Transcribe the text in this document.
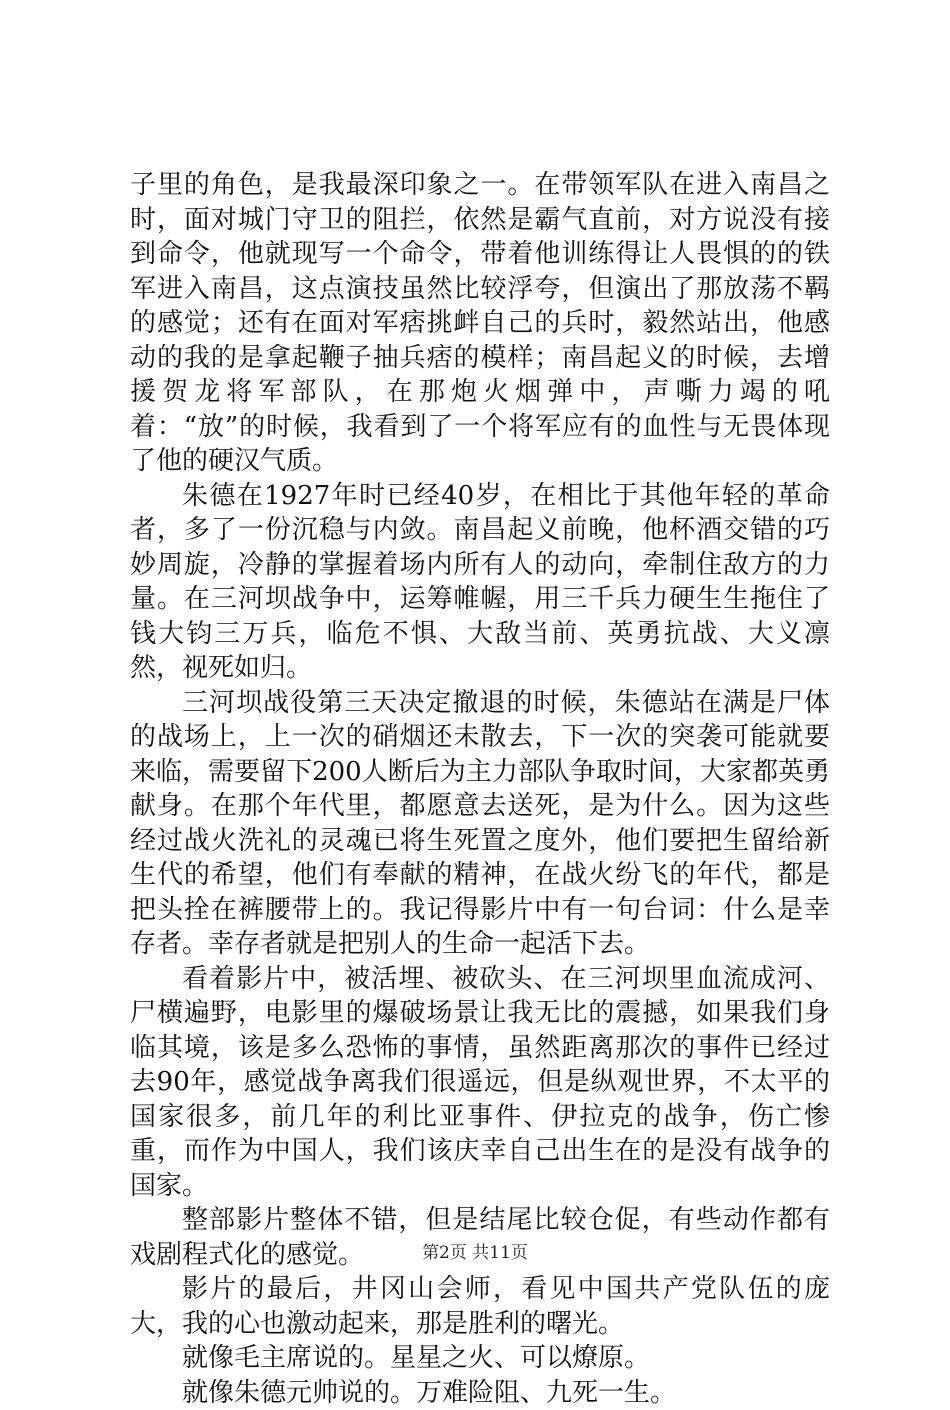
子里的角色，是我最深印象之一。在带领军队在进入南昌之时，面对城门守卫的阻拦，依然是霸气直前，对方说没有接到命令，他就现写一个命令，带着他训练得让人畏惧的的铁军进入南昌，这点演技虽然比较浮夸，但演出了那放荡不羁的感觉；还有在面对军痞挑衅自己的兵时，毅然站出，他感动的我的是拿起鞭子抽兵痞的模样；南昌起义的时候，去增援贺龙将军部队，在那炮火烟弹中，声嘶力竭的吼着：“放”的时候，我看到了一个将军应有的血性与无畏体现了他的硬汉气质。

朱德在1927年时已经40岁，在相比于其他年轻的革命者，多了一份沉稳与内敛。南昌起义前晚，他杯酒交错的巧妙周旋，冷静的掌握着场内所有人的动向，牵制住敌方的力量。在三河坝战争中，运筹帷幄，用三千兵力硬生生拖住了钱大钧三万兵，临危不惧、大敌当前、英勇抗战、大义凛然，视死如归。

三河坝战役第三天决定撤退的时候，朱德站在满是尸体的战场上，上一次的硝烟还未散去，下一次的突袭可能就要来临，需要留下200人断后为主力部队争取时间，大家都英勇献身。在那个年代里，都愿意去送死，是为什么。因为这些经过战火洗礼的灵魂已将生死置之度外，他们要把生留给新生代的希望，他们有奉献的精神，在战火纷飞的年代，都是把头拴在裤腰带上的。我记得影片中有一句台词：什么是幸存者。幸存者就是把别人的生命一起活下去。

看着影片中，被活埋、被砍头、在三河坝里血流成河、尸横遍野，电影里的爆破场景让我无比的震撼，如果我们身临其境，该是多么恐怖的事情，虽然距离那次的事件已经过去90年，感觉战争离我们很遥远，但是纵观世界，不太平的国家很多，前几年的利比亚事件、伊拉克的战争，伤亡惨重，而作为中国人，我们该庆幸自己出生在的是没有战争的国家。

整部影片整体不错，但是结尾比较仓促，有些动作都有戏剧程式化的感觉。

影片的最后，井冈山会师，看见中国共产党队伍的庞大，我的心也激动起来，那是胜利的曙光。

就像毛主席说的。星星之火、可以燎原。

就像朱德元帅说的。万难险阻、九死一生。

第2页 共11页
